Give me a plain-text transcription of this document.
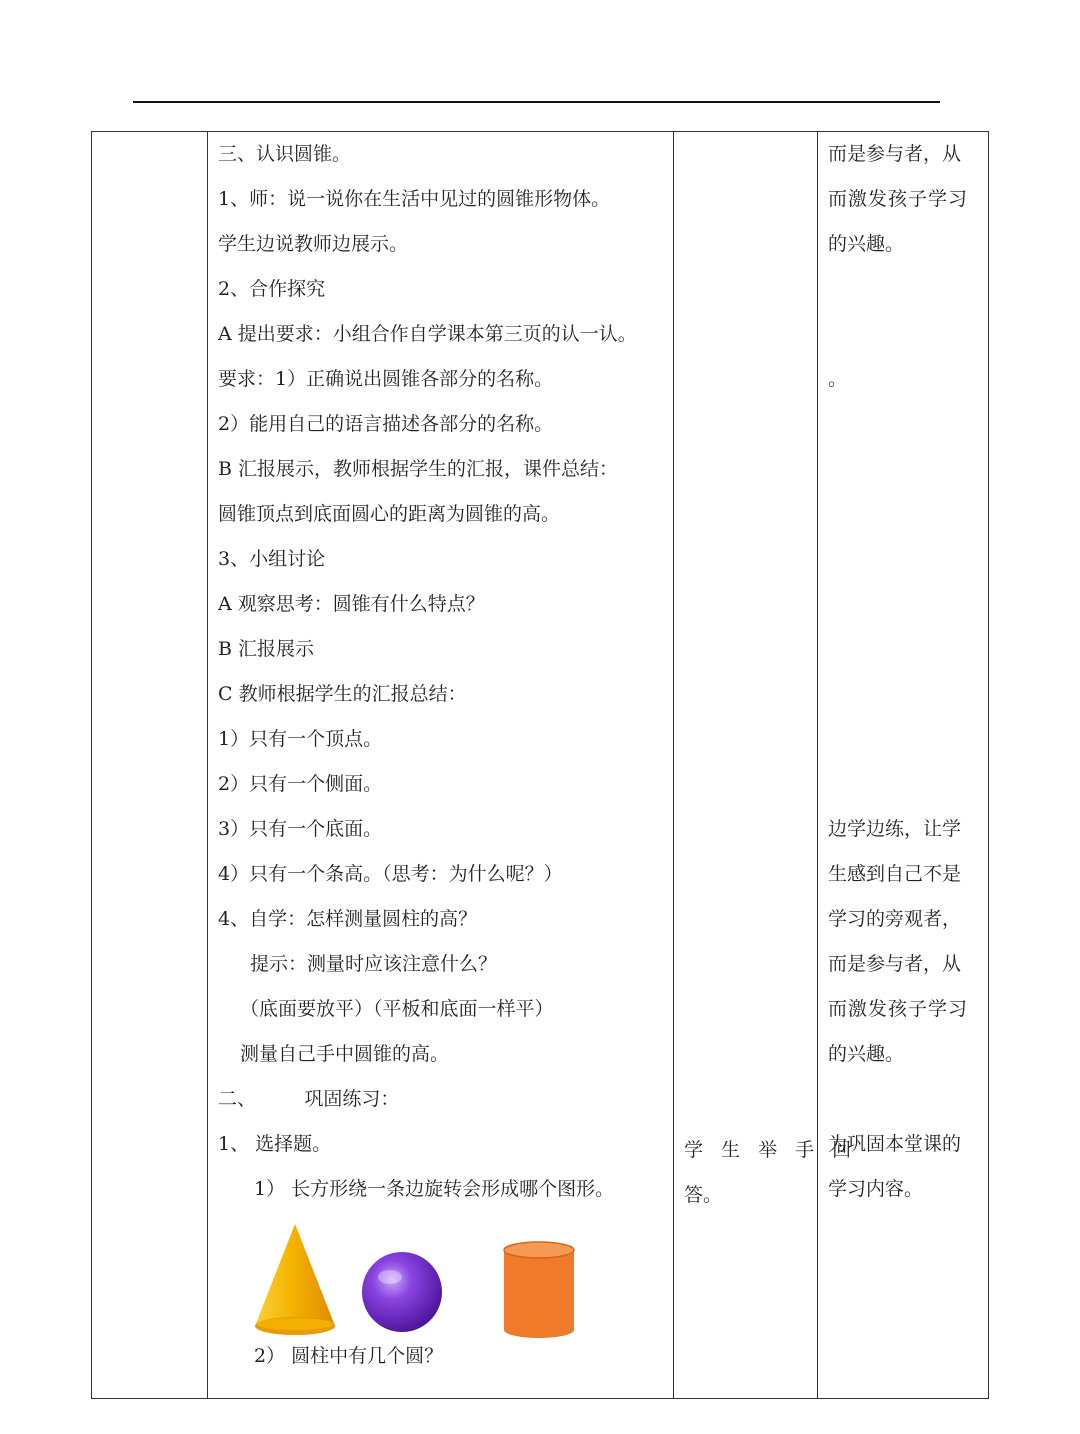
三、认识圆锥。
1、师：说一说你在生活中见过的圆锥形物体。
学生边说教师边展示。
2、合作探究
A 提出要求：小组合作自学课本第三页的认一认。
要求：1）正确说出圆锥各部分的名称。
2）能用自己的语言描述各部分的名称。
B 汇报展示，教师根据学生的汇报，课件总结：
圆锥顶点到底面圆心的距离为圆锥的高。
3、小组讨论
A 观察思考：圆锥有什么特点？
B 汇报展示
C 教师根据学生的汇报总结：
1）只有一个顶点。
2）只有一个侧面。
3）只有一个底面。
4）只有一个条高。（思考：为什么呢？）
4、自学：怎样测量圆柱的高？
提示：测量时应该注意什么？
（底面要放平）（平板和底面一样平）
测量自己手中圆锥的高。
二、        巩固练习：
1、 选择题。
1） 长方形绕一条边旋转会形成哪个图形。
2） 圆柱中有几个圆？
学 生 举 手 回
答。
而是参与者，从
而激发孩子学习
的兴趣。
。
边学边练，让学
生感到自己不是
学习的旁观者，
而是参与者，从
而激发孩子学习
的兴趣。
为巩固本堂课的
学习内容。
